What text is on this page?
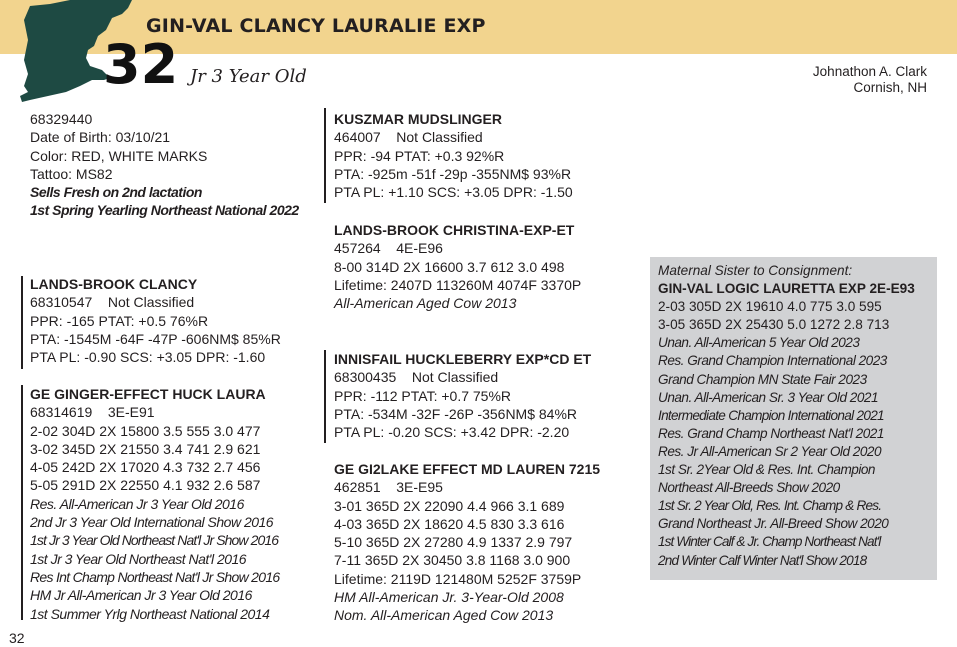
GIN-VAL CLANCY LAURALIE EXP
32 Jr 3 Year Old	Johnathon A. Clark
Cornish, NH
68329440
Date of Birth: 03/10/21
Color: RED, WHITE MARKS
Tattoo: MS82
Sells Fresh on 2nd lactation
1st Spring Yearling Northeast National 2022
LANDS-BROOK CLANCY
68310547    Not Classified
PPR: -165 PTAT: +0.5 76%R
PTA: -1545M -64F -47P -606NM$ 85%R
PTA PL: -0.90 SCS: +3.05 DPR: -1.60
GE GINGER-EFFECT HUCK LAURA
68314619    3E-E91
2-02 304D 2X 15800 3.5 555 3.0 477
3-02 345D 2X 21550 3.4 741 2.9 621
4-05 242D 2X 17020 4.3 732 2.7 456
5-05 291D 2X 22550 4.1 932 2.6 587
Res. All-American Jr 3 Year Old 2016
2nd Jr 3 Year Old International Show 2016
1st Jr 3 Year Old Northeast Nat'l Jr Show 2016
1st Jr 3 Year Old Northeast Nat'l 2016
Res Int Champ Northeast Nat'l Jr Show 2016
HM Jr All-American Jr 3 Year Old 2016
1st Summer Yrlg Northeast National 2014
KUSZMAR MUDSLINGER
464007    Not Classified
PPR: -94 PTAT: +0.3 92%R
PTA: -925m -51f -29p -355NM$ 93%R
PTA PL: +1.10 SCS: +3.05 DPR: -1.50
LANDS-BROOK CHRISTINA-EXP-ET
457264    4E-E96
8-00 314D 2X 16600 3.7 612 3.0 498
Lifetime: 2407D 113260M 4074F 3370P
All-American Aged Cow 2013
INNISFAIL HUCKLEBERRY EXP*CD ET
68300435    Not Classified
PPR: -112 PTAT: +0.7 75%R
PTA: -534M -32F -26P -356NM$ 84%R
PTA PL: -0.20 SCS: +3.42 DPR: -2.20
GE GI2LAKE EFFECT MD LAUREN 7215
462851    3E-E95
3-01 365D 2X 22090 4.4 966 3.1 689
4-03 365D 2X 18620 4.5 830 3.3 616
5-10 365D 2X 27280 4.9 1337 2.9 797
7-11 365D 2X 30450 3.8 1168 3.0 900
Lifetime: 2119D 121480M 5252F 3759P
HM All-American Jr. 3-Year-Old 2008
Nom. All-American Aged Cow 2013
Maternal Sister to Consignment:
GIN-VAL LOGIC LAURETTA EXP 2E-E93
2-03 305D 2X 19610 4.0 775 3.0 595
3-05 365D 2X 25430 5.0 1272 2.8 713
Unan. All-American 5 Year Old 2023
Res. Grand Champion International 2023
Grand Champion MN State Fair 2023
Unan. All-American Sr. 3 Year Old 2021
Intermediate Champion International 2021
Res. Grand Champ Northeast Nat'l 2021
Res. Jr All-American Sr 2 Year Old 2020
1st Sr. 2Year Old & Res. Int. Champion
Northeast All-Breeds Show 2020
1st Sr. 2 Year Old, Res. Int. Champ & Res.
Grand Northeast Jr. All-Breed Show 2020
1st Winter Calf & Jr. Champ Northeast Nat'l
2nd Winter Calf Winter Nat'l Show 2018
32
